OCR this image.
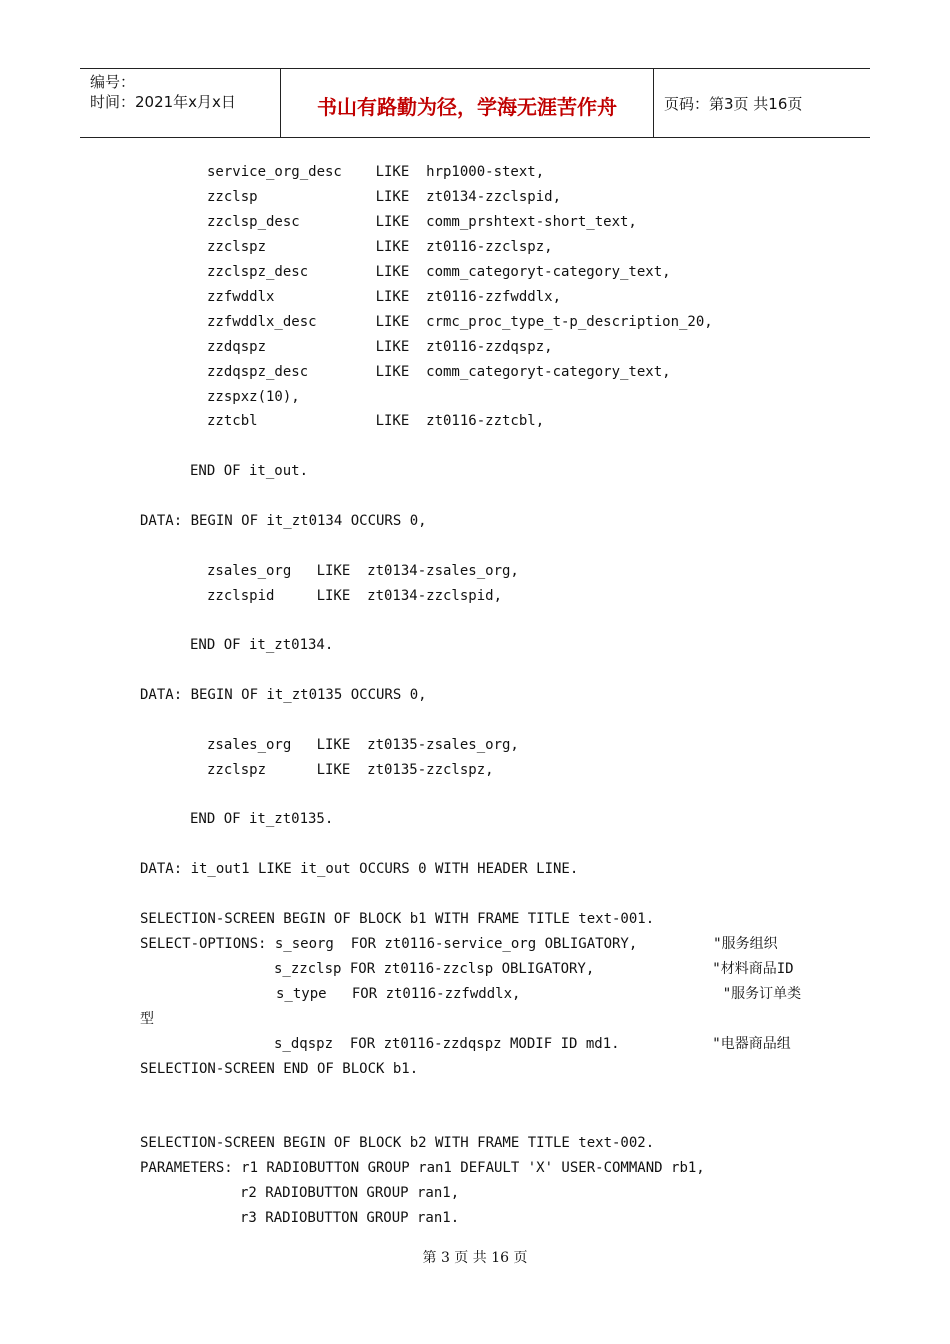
编号：
时间：2021年x月x日	书山有路勤为径，学海无涯苦作舟	页码：第3页 共16页
service_org_desc    LIKE  hrp1000-stext,
zzclsp              LIKE  zt0134-zzclspid,
zzclsp_desc         LIKE  comm_prshtext-short_text,
zzclspz             LIKE  zt0116-zzclspz,
zzclspz_desc        LIKE  comm_categoryt-category_text,
zzfwddlx            LIKE  zt0116-zzfwddlx,
zzfwddlx_desc       LIKE  crmc_proc_type_t-p_description_20,
zzdqspz             LIKE  zt0116-zzdqspz,
zzdqspz_desc        LIKE  comm_categoryt-category_text,
zzspxz(10),
zztcbl              LIKE  zt0116-zztcbl,
END OF it_out.
DATA: BEGIN OF it_zt0134 OCCURS 0,
zsales_org   LIKE  zt0134-zsales_org,
zzclspid     LIKE  zt0134-zzclspid,
END OF it_zt0134.
DATA: BEGIN OF it_zt0135 OCCURS 0,
zsales_org   LIKE  zt0135-zsales_org,
zzclspz      LIKE  zt0135-zzclspz,
END OF it_zt0135.
DATA: it_out1 LIKE it_out OCCURS 0 WITH HEADER LINE.
SELECTION-SCREEN BEGIN OF BLOCK b1 WITH FRAME TITLE text-001.
SELECT-OPTIONS: s_seorg  FOR zt0116-service_org OBLIGATORY,         "服务组织
s_zzclsp FOR zt0116-zzclsp OBLIGATORY,              "材料商品ID
s_type   FOR zt0116-zzfwddlx,                        "服务订单类
型
s_dqspz  FOR zt0116-zzdqspz MODIF ID md1.           "电器商品组
SELECTION-SCREEN END OF BLOCK b1.
SELECTION-SCREEN BEGIN OF BLOCK b2 WITH FRAME TITLE text-002.
PARAMETERS: r1 RADIOBUTTON GROUP ran1 DEFAULT 'X' USER-COMMAND rb1,
r2 RADIOBUTTON GROUP ran1,
r3 RADIOBUTTON GROUP ran1.
第 3 页 共 16 页
